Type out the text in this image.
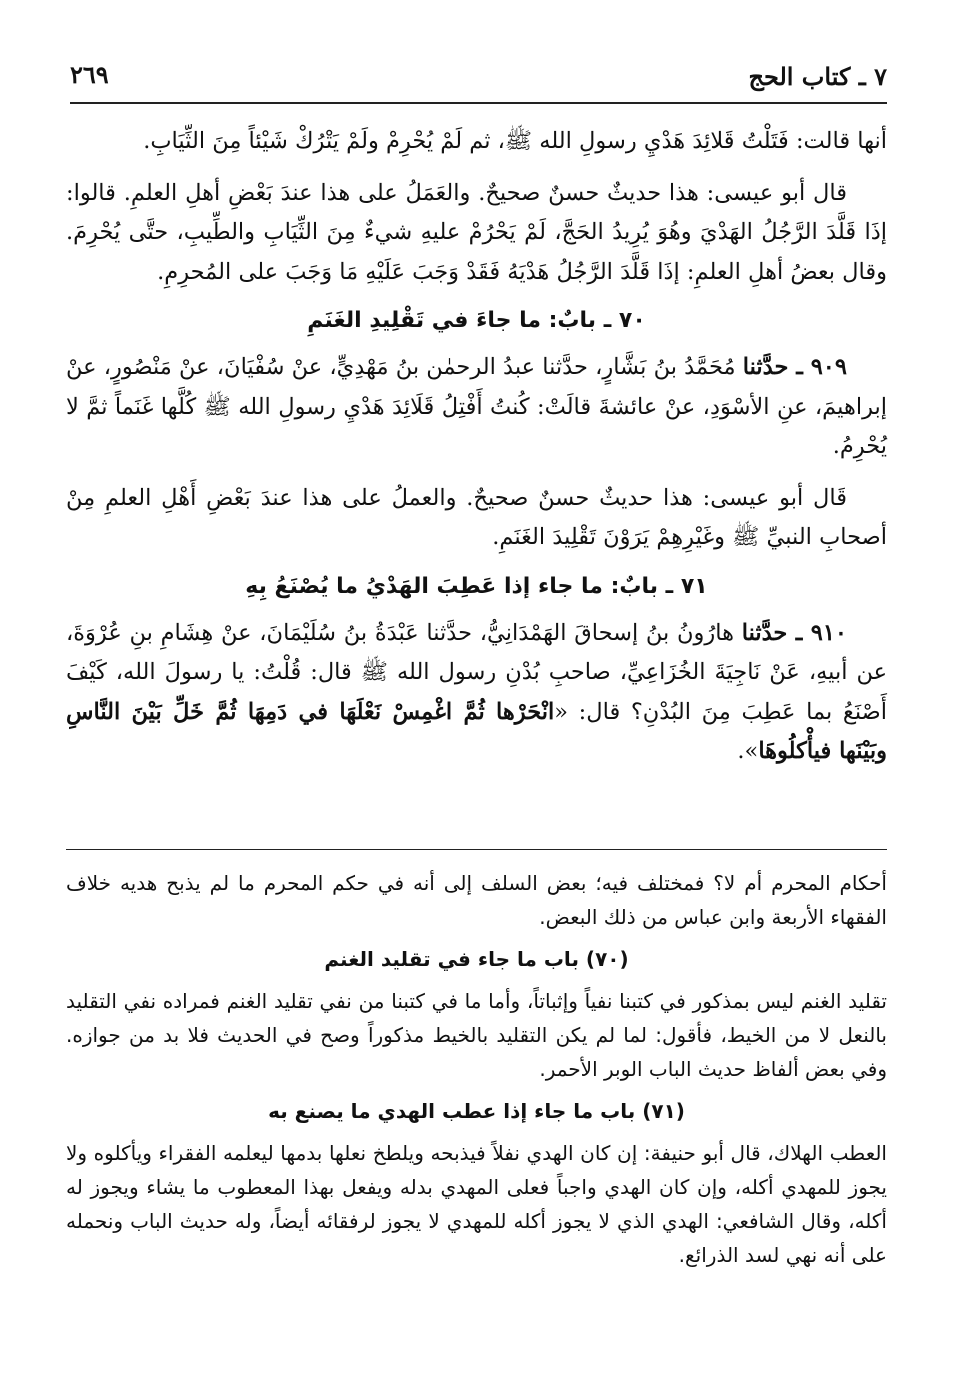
٧ ـ كتاب الحج
٢٦٩

أنها قالت: فَتَلْتُ قَلائِدَ هَدْيِ رسولِ الله ﷺ، ثم لَمْ يُحْرِمْ ولَمْ يَتْرُكْ شَيْئاً مِنَ الثِّيَابِ.

قال أبو عيسى: هذا حديثٌ حسنٌ صحيحٌ. والعَمَلُ على هذا عندَ بَعْضِ أهلِ العلمِ. قالوا: إذَا قَلَّدَ الرَّجُلُ الهَدْيَ وهُوَ يُرِيدُ الحَجَّ، لَمْ يَحْرُمْ عليهِ شيءٌ مِنَ الثِّيَابِ والطِّيبِ، حتَّى يُحْرِمَ. وقال بعضُ أهلِ العلمِ: إذَا قَلَّدَ الرَّجُلُ هَدْيَهُ فَقَدْ وَجَبَ عَلَيْهِ مَا وَجَبَ على المُحرِمِ.

٧٠ ـ بابٌ: ما جاءَ في تَقْلِيدِ الغَنَمِ

٩٠٩ ـ حدَّثنا مُحَمَّدُ بنُ بَشَّارٍ، حدَّثنا عبدُ الرحمٰن بنُ مَهْدِيٍّ، عنْ سُفْيَانَ، عنْ مَنْصُورٍ، عنْ إبراهيمَ، عنِ الأسْوَدِ، عنْ عائشةَ قالَتْ: كُنتُ أَفْتِلُ قَلَائِدَ هَدْيِ رسولِ الله ﷺ كُلَّها غَنَماً ثمَّ لا يُحْرِمُ.

قَال أبو عيسى: هذا حديثٌ حسنٌ صحيحٌ. والعملُ على هذا عندَ بَعْضِ أَهْلِ العلمِ مِنْ أصحابِ النبيِّ ﷺ وغَيْرِهِمْ يَرَوْنَ تَقْلِيدَ الغَنَمِ.

٧١ ـ بابٌ: ما جاء إذا عَطِبَ الهَدْيُ ما يُصْنَعُ بِهِ

٩١٠ ـ حدَّثنا هارُونُ بنُ إسحاقَ الهَمْدَانِيُّ، حدَّثنا عَبْدَةُ بنُ سُلَيْمَانَ، عنْ هِشَامِ بنِ عُرْوَةَ، عن أبيهِ، عَنْ نَاجِيَةَ الخُزَاعِيِّ، صاحبِ بُدْنِ رسول الله ﷺ قال: قُلْتُ: يا رسولَ الله، كَيْفَ أَصْنَعُ بما عَطِبَ مِنَ البُدْنِ؟ قال: «انْحَرْها ثُمَّ اغْمِسْ نَعْلَهَا في دَمِهَا ثُمَّ خَلِّ بَيْنَ النَّاسِ وبَيْنَها فيأْكلُوهَا».

أحكام المحرم أم لا؟ فمختلف فيه؛ بعض السلف إلى أنه في حكم المحرم ما لم يذبح هديه خلاف الفقهاء الأربعة وابن عباس من ذلك البعض.

(٧٠) باب ما جاء في تقليد الغنم

تقليد الغنم ليس بمذكور في كتبنا نفياً وإثباتاً، وأما ما في كتبنا من نفي تقليد الغنم فمراده نفي التقليد بالنعل لا من الخيط، فأقول: لما لم يكن التقليد بالخيط مذكوراً وصح في الحديث فلا بد من جوازه. وفي بعض ألفاظ حديث الباب الوبر الأحمر.

(٧١) باب ما جاء إذا عطب الهدي ما يصنع به

العطب الهلاك، قال أبو حنيفة: إن كان الهدي نفلاً فيذبحه ويلطخ نعلها بدمها ليعلمه الفقراء ويأكلوه ولا يجوز للمهدي أكله، وإن كان الهدي واجباً فعلى المهدي بدله ويفعل بهذا المعطوب ما يشاء ويجوز له أكله، وقال الشافعي: الهدي الذي لا يجوز أكله للمهدي لا يجوز لرفقائه أيضاً، وله حديث الباب ونحمله على أنه نهي لسد الذرائع.
